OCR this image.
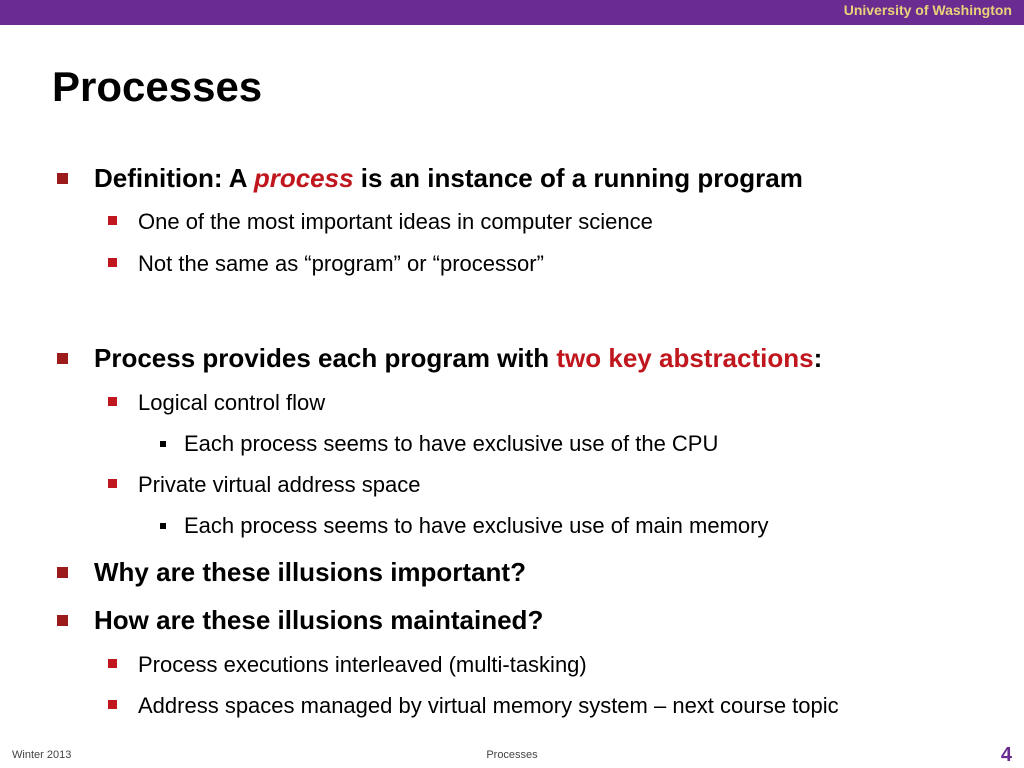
University of Washington
Processes
Definition: A process is an instance of a running program
One of the most important ideas in computer science
Not the same as “program” or “processor”
Process provides each program with two key abstractions:
Logical control flow
Each process seems to have exclusive use of the CPU
Private virtual address space
Each process seems to have exclusive use of main memory
Why are these illusions important?
How are these illusions maintained?
Process executions interleaved (multi-tasking)
Address spaces managed by virtual memory system – next course topic
Winter 2013	Processes	4
